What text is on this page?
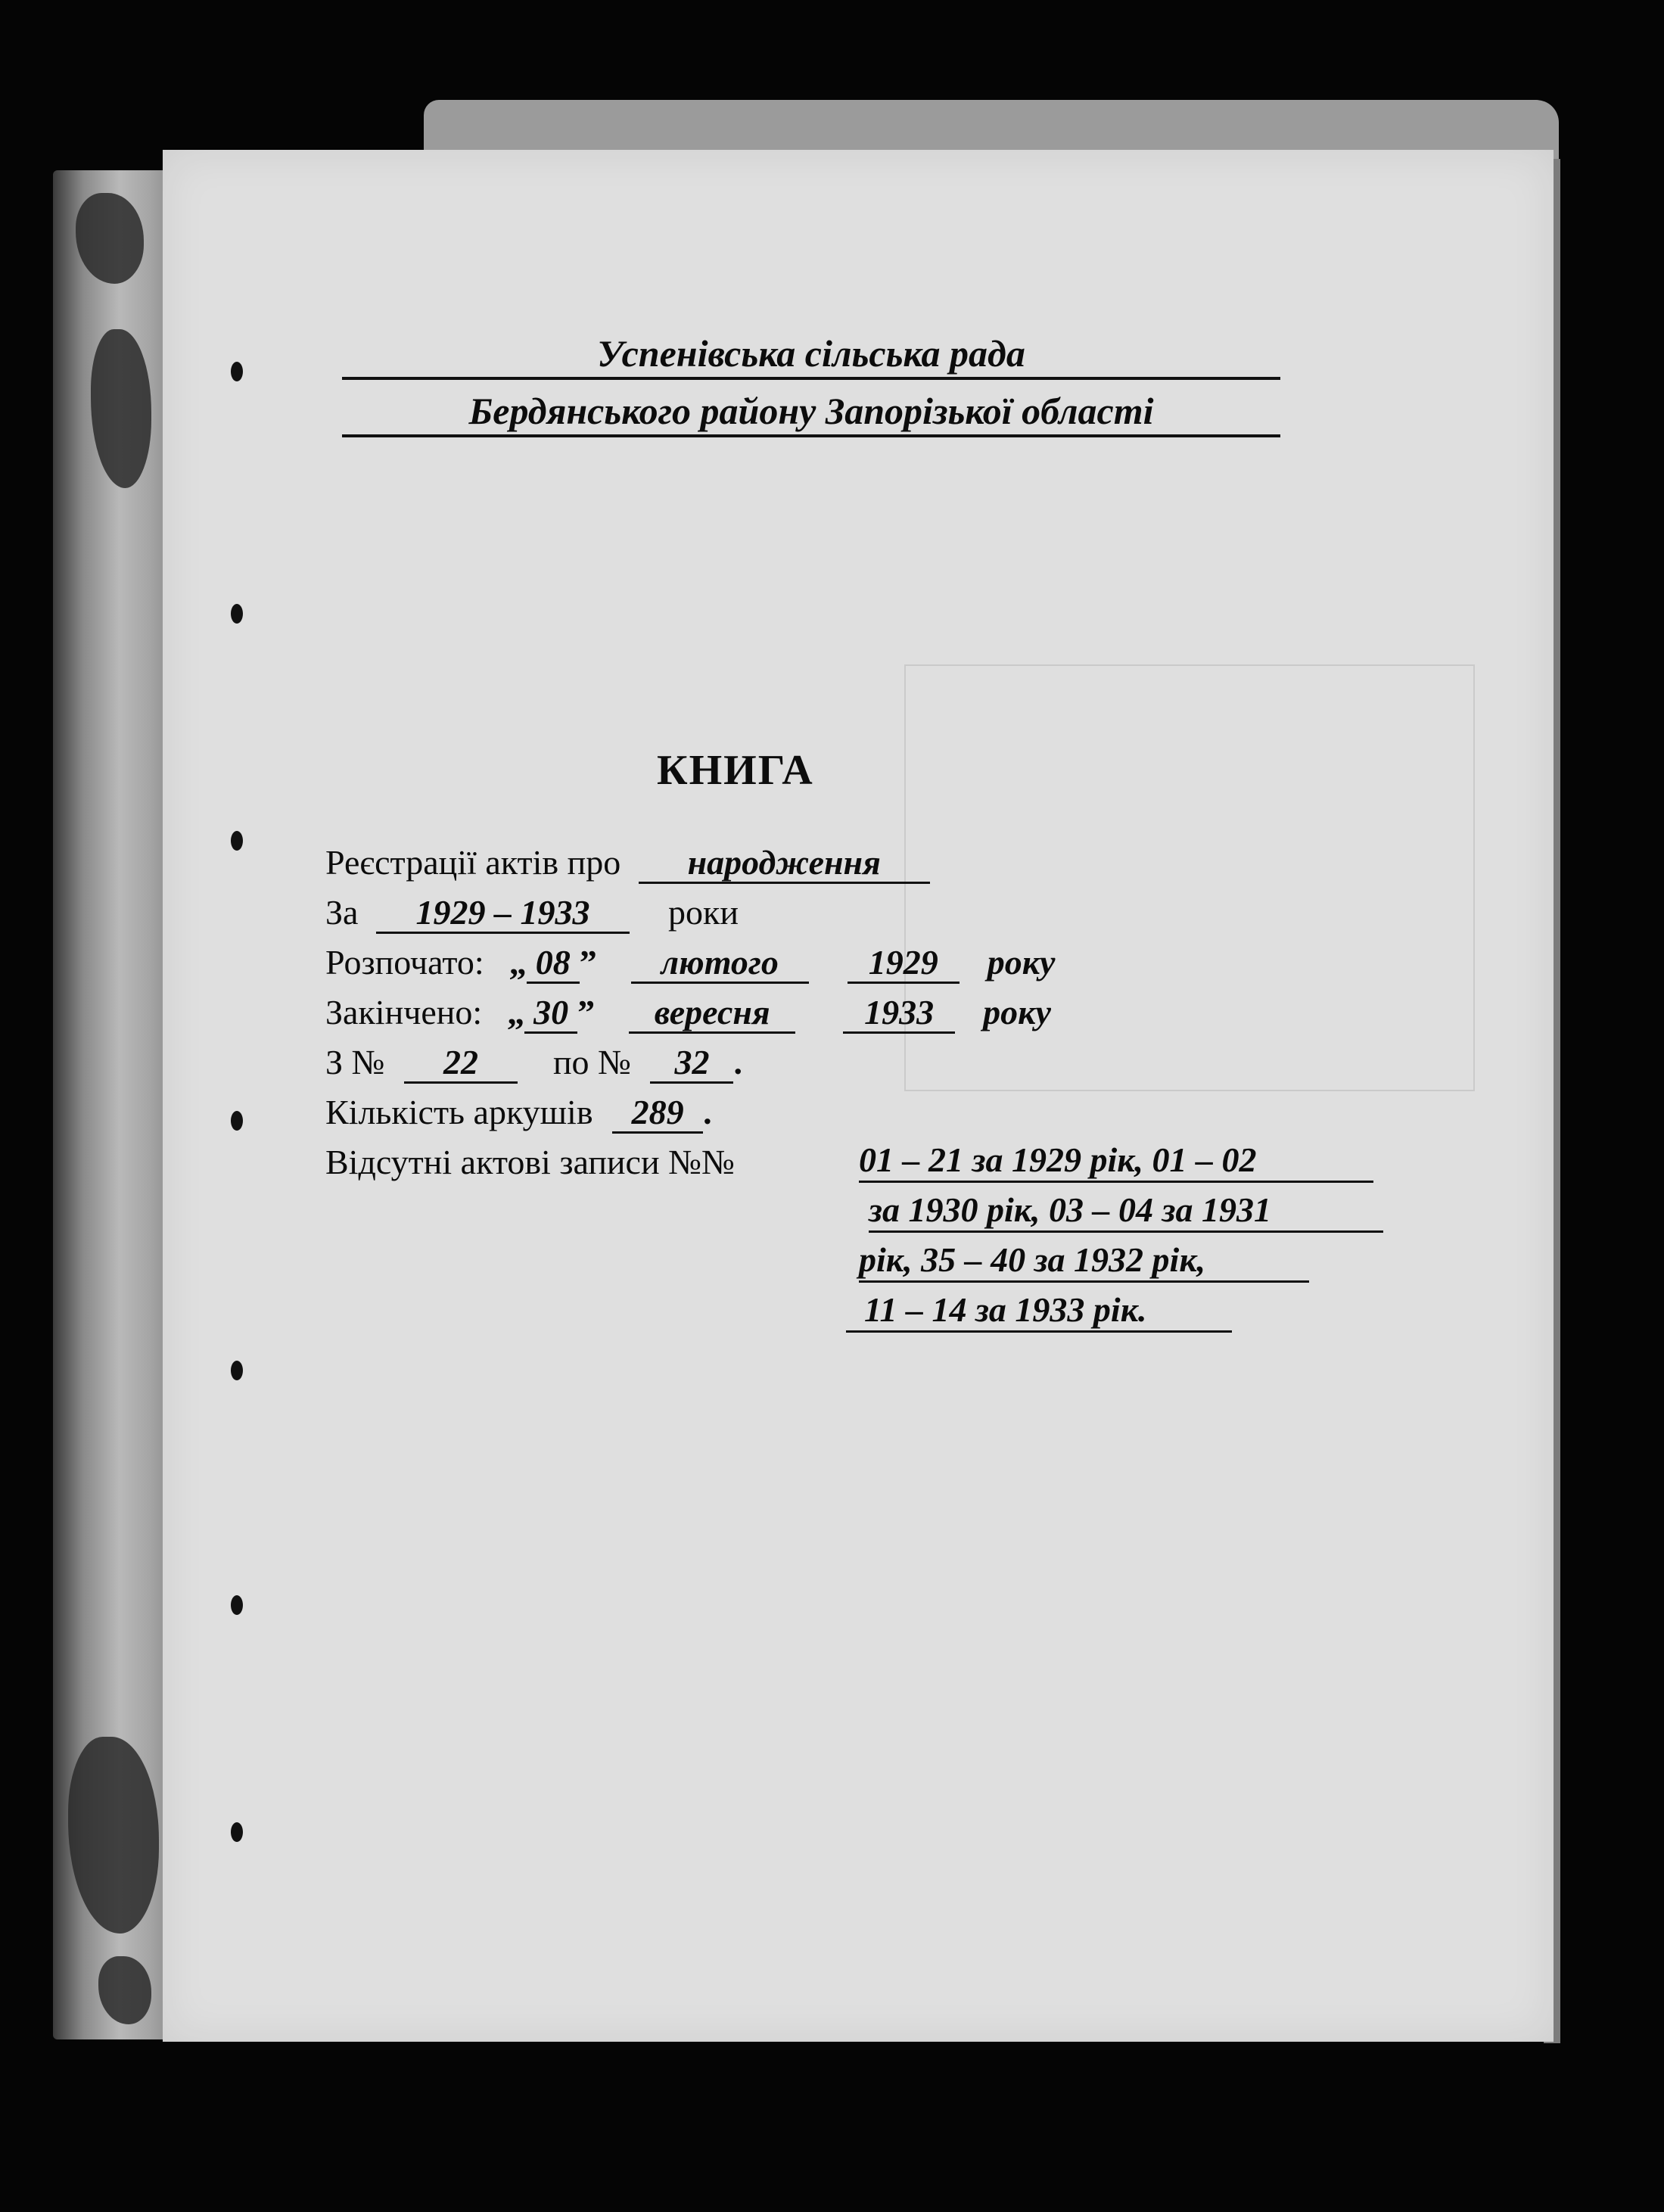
Успенівська сільська рада
Бердянського району Запорізької області
КНИГА
Реєстрації актів про народження
За 1929 – 1933 роки
Розпочато: „ 08 ” лютого	1929 року
Закінчено: „ 30 ” вересня	1933 року
З № 22 по № 32 .
Кількість аркушів 289 .
Відсутні актові записи №№	01 – 21 за 1929 рік, 01 – 02
за 1930 рік, 03 – 04 за 1931
рік, 35 – 40 за 1932 рік,
11 – 14 за 1933 рік.
